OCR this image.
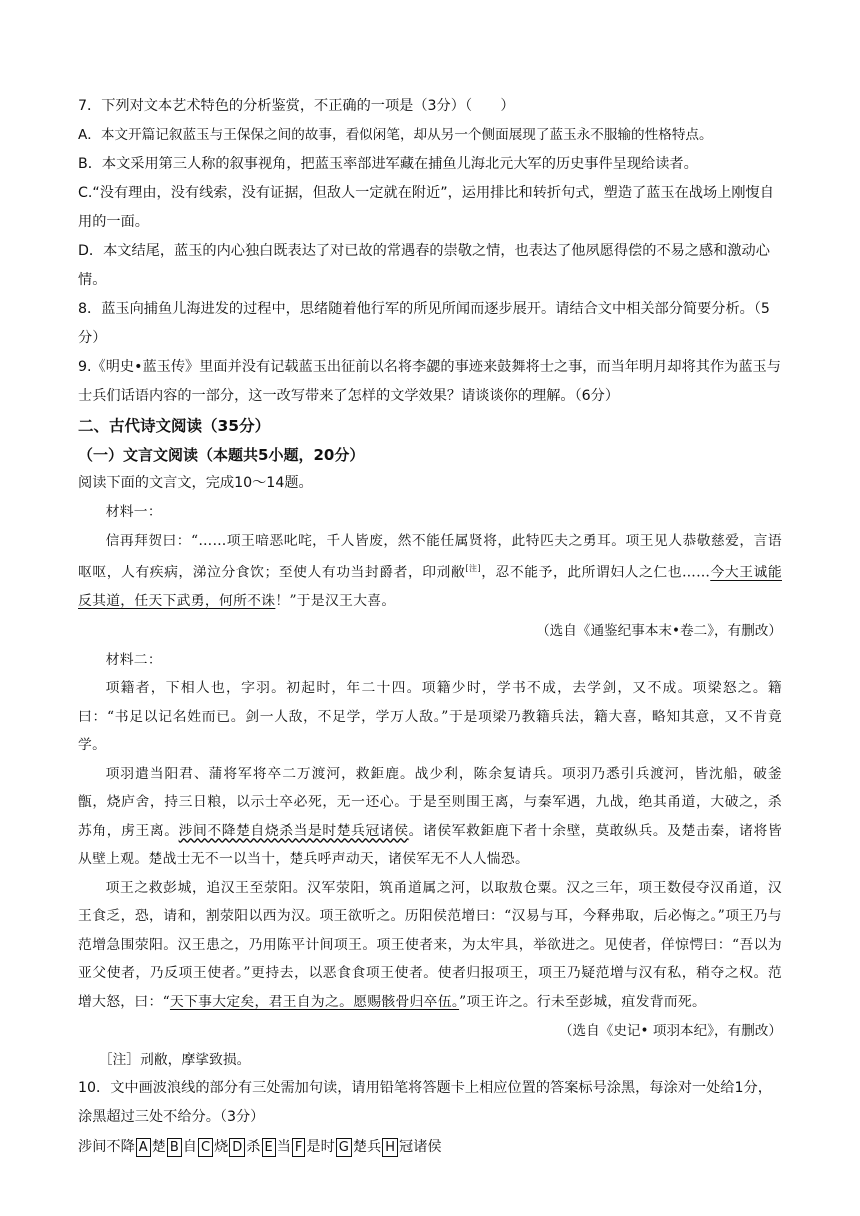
7．下列对文本艺术特色的分析鉴赏，不正确的一项是（3分）（　　）
A．本文开篇记叙蓝玉与王保保之间的故事，看似闲笔，却从另一个侧面展现了蓝玉永不服输的性格特点。
B．本文采用第三人称的叙事视角，把蓝玉率部进军藏在捕鱼儿海北元大军的历史事件呈现给读者。
C.“没有理由，没有线索，没有证据，但敌人一定就在附近”，运用排比和转折句式，塑造了蓝玉在战场上刚愎自用的一面。
D．本文结尾，蓝玉的内心独白既表达了对已故的常遇春的崇敬之情，也表达了他夙愿得偿的不易之感和激动心情。
8．蓝玉向捕鱼儿海进发的过程中，思绪随着他行军的所见所闻而逐步展开。请结合文中相关部分简要分析。（5分）
9.《明史•蓝玉传》里面并没有记载蓝玉出征前以名将李勰的事迹来鼓舞将士之事，而当年明月却将其作为蓝玉与士兵们话语内容的一部分，这一改写带来了怎样的文学效果？请谈谈你的理解。（6分）
二、古代诗文阅读（35分）
（一）文言文阅读（本题共5小题，20分）
阅读下面的文言文，完成10～14题。
材料一：
信再拜贺曰：“……项王喑恶叱咤，千人皆废，然不能任属贤将，此特匹夫之勇耳。项王见人恭敬慈爱，言语呕呕，人有疾病，涕泣分食饮；至使人有功当封爵者，印刓敝[注]，忍不能予，此所谓妇人之仁也……今大王诚能反其道，任天下武勇，何所不诛！”于是汉王大喜。
（选自《通鉴纪事本末•卷二》，有删改）
材料二：
项籍者，下相人也，字羽。初起时，年二十四。项籍少时，学书不成，去学剑，又不成。项梁怒之。籍曰：“书足以记名姓而已。剑一人敌，不足学，学万人敌。”于是项梁乃教籍兵法，籍大喜，略知其意，又不肯竟学。
项羽遣当阳君、蒲将军将卒二万渡河，救鉅鹿。战少利，陈余复请兵。项羽乃悉引兵渡河，皆沈船，破釜甑，烧庐舍，持三日粮，以示士卒必死，无一还心。于是至则围王离，与秦军遇，九战，绝其甬道，大破之，杀苏角，虏王离。涉间不降楚自烧杀当是时楚兵冠诸侯。诸侯军救鉅鹿下者十余壁，莫敢纵兵。及楚击秦，诸将皆从壁上观。楚战士无不一以当十，楚兵呼声动天，诸侯军无不人人惴恐。
项王之救彭城，追汉王至荥阳。汉军荥阳，筑甬道属之河，以取敖仓粟。汉之三年，项王数侵夺汉甬道，汉王食乏，恐，请和，割荥阳以西为汉。项王欲听之。历阳侯范增曰：“汉易与耳，今释弗取，后必悔之。”项王乃与范增急围荥阳。汉王患之，乃用陈平计间项王。项王使者来，为太牢具，举欲进之。见使者，佯惊愕曰：“吾以为亚父使者，乃反项王使者。”更持去，以恶食食项王使者。使者归报项王，项王乃疑范增与汉有私，稍夺之权。范增大怒，曰：“天下事大定矣，君王自为之。愿赐骸骨归卒伍。”项王许之。行未至彭城，疽发背而死。
（选自《史记• 项羽本纪》，有删改）
［注］刓敝，摩挲致损。
10．文中画波浪线的部分有三处需加句读，请用铅笔将答题卡上相应位置的答案标号涂黑，每涂对一处给1分，涂黑超过三处不给分。（3分）
涉间不降 A 楚 B 自 C 烧 D 杀 E 当 F 是时 G 楚兵 H 冠诸侯
